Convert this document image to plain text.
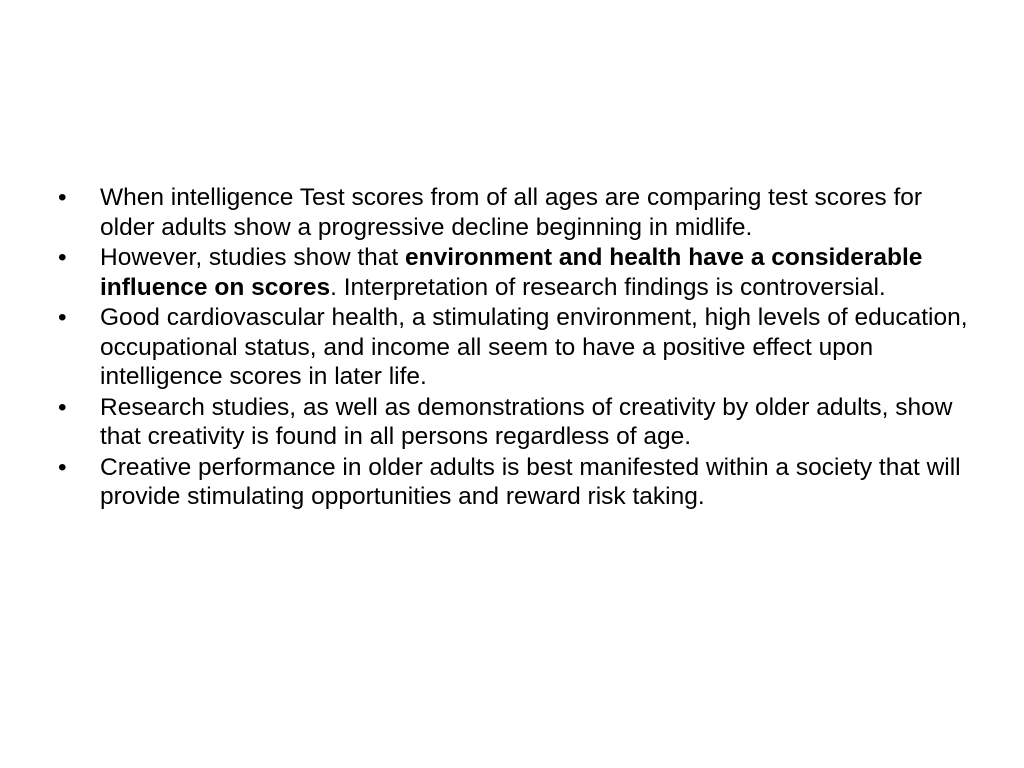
•	When intelligence Test scores from of all ages are comparing test scores for older adults show a progressive decline beginning in midlife.
•	However, studies show that environment and health have a considerable influence on scores. Interpretation of research findings is controversial.
•	Good cardiovascular health, a stimulating environment, high levels of education, occupational status, and income all seem to have a positive effect upon intelligence scores in later life.
•	Research studies, as well as demonstrations of creativity by older adults, show that creativity is found in all persons regardless of age.
•	Creative performance in older adults is best manifested within a society that will provide stimulating opportunities and reward risk taking.
